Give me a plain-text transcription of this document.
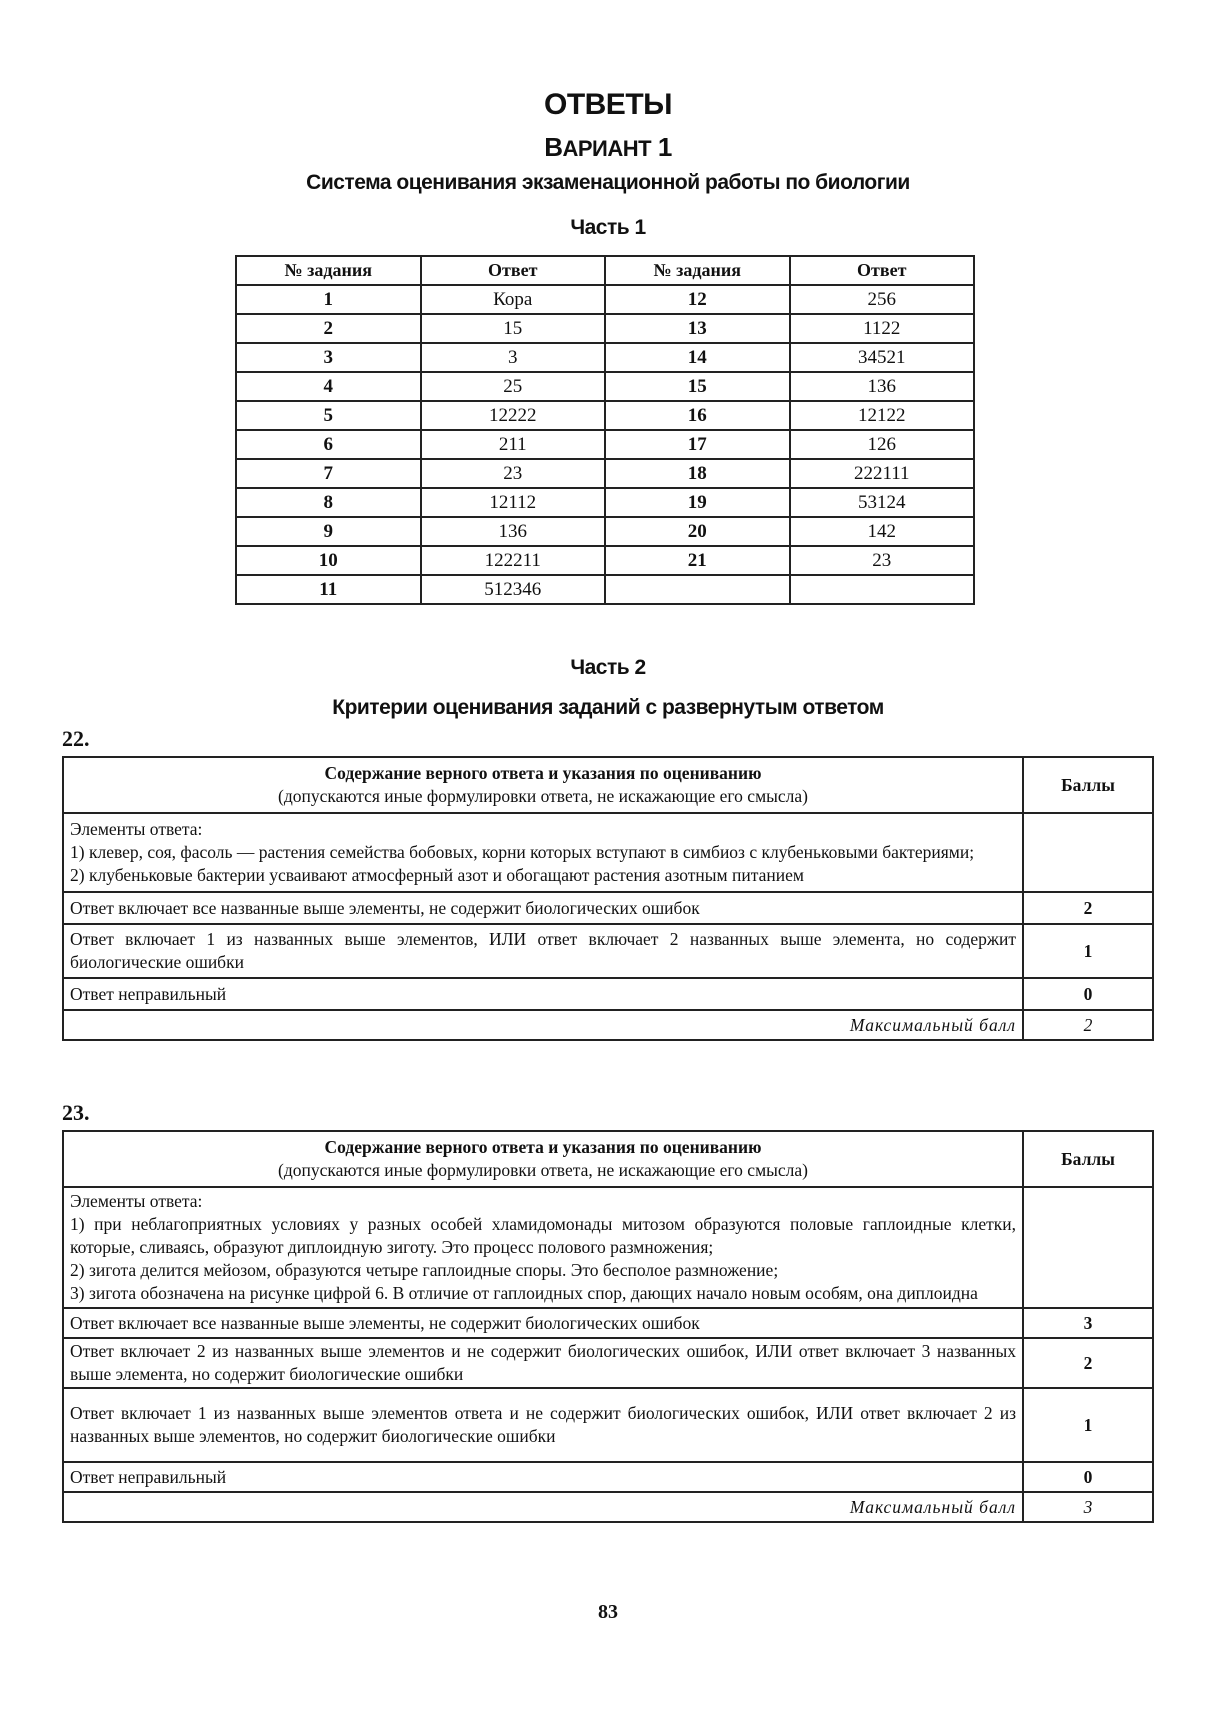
ОТВЕТЫ
ВАРИАНТ 1
Система оценивания экзаменационной работы по биологии
Часть 1
№ задания	Ответ	№ задания	Ответ
1	Кора	12	256
2	15	13	1122
3	3	14	34521
4	25	15	136
5	12222	16	12122
6	211	17	126
7	23	18	222111
8	12112	19	53124
9	136	20	142
10	122211	21	23
11	512346		
Часть 2
Критерии оценивания заданий с развернутым ответом
22.
Содержание верного ответа и указания по оцениванию
(допускаются иные формулировки ответа, не искажающие его смысла)	Баллы

Элементы ответа:
1) клевер, соя, фасоль — растения семейства бобовых, корни которых вступают в симбиоз с клубеньковыми бактериями;
2) клубеньковые бактерии усваивают атмосферный азот и обогащают растения азотным питанием	

Ответ включает все названные выше элементы, не содержит биологических ошибок	2
Ответ включает 1 из названных выше элементов, ИЛИ ответ включает 2 названных выше элемента, но содержит биологические ошибки	1
Ответ неправильный	0
Максимальный балл	2
23.
Содержание верного ответа и указания по оцениванию
(допускаются иные формулировки ответа, не искажающие его смысла)	Баллы

Элементы ответа:
1) при неблагоприятных условиях у разных особей хламидомонады митозом образуются половые гаплоидные клетки, которые, сливаясь, образуют диплоидную зиготу. Это процесс полового размножения;
2) зигота делится мейозом, образуются четыре гаплоидные споры. Это бесполое размножение;
3) зигота обозначена на рисунке цифрой 6. В отличие от гаплоидных спор, дающих начало новым особям, она диплоидна	

Ответ включает все названные выше элементы, не содержит биологических ошибок	3
Ответ включает 2 из названных выше элементов и не содержит биологических ошибок, ИЛИ ответ включает 3 названных выше элемента, но содержит биологические ошибки	2
Ответ включает 1 из названных выше элементов ответа и не содержит биологических ошибок, ИЛИ ответ включает 2 из названных выше элементов, но содержит биологические ошибки	1
Ответ неправильный	0
Максимальный балл	3
83
